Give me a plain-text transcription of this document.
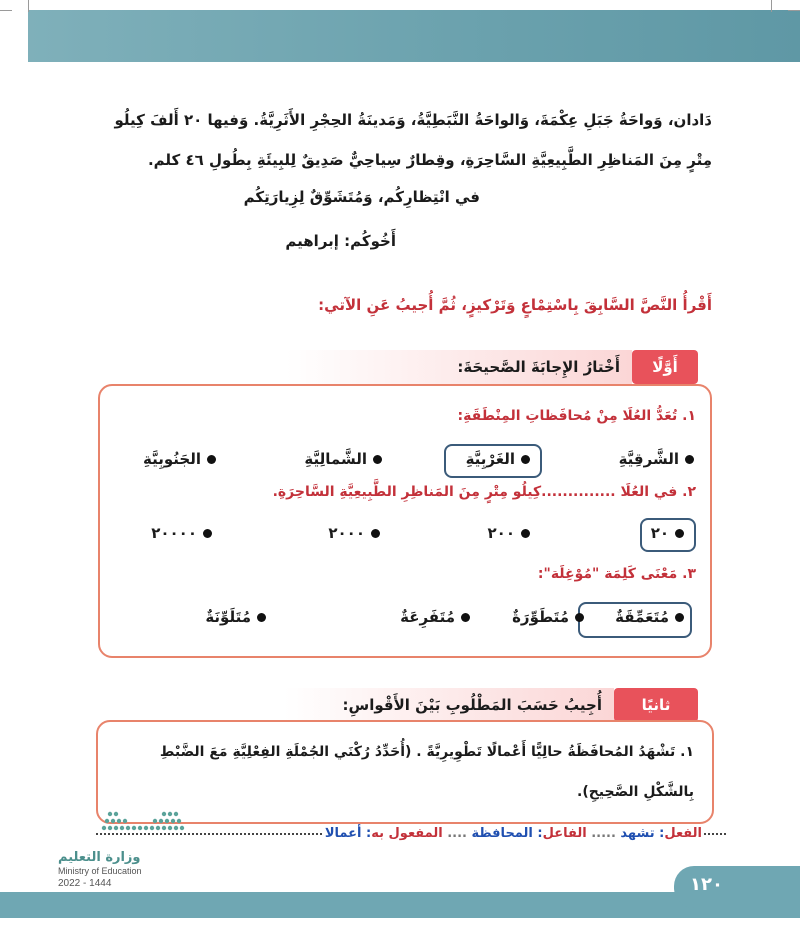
دَادان، وَواحَةُ جَبَلِ عِكْمَةَ، وَالواحَةُ النَّبَطِيَّةُ، وَمَدينَةُ الحِجْرِ الأَثَرِيَّةُ. وَفيها ٢٠ أَلفَ كِيلُو
مِتْرٍ مِنَ المَناظِرِ الطَّبِيعِيَّةِ السَّاحِرَةِ، وقِطارٌ سِياحِيٌّ صَدِيقٌ لِلبِيئَةِ بِطُولِ ٤٦ كلم.
في انْتِظارِكُم، وَمُتَشَوِّقٌ لِزِيارَتِكُم
أَخُوكُم: إبراهيم
أَقْرأُ النَّصَّ السَّابِقَ بِاسْتِمْاعٍ وَتَرْكيزٍ، ثُمَّ أُجيبُ عَنِ الآتي:
أَوَّلًا
أَخْتارُ الإِجابَةَ الصَّحيحَةَ:
١. تُعَدُّ العُلَا مِنْ مُحافَظاتِ المِنْطَقَةِ:
الشَّرقِيَّةِ
الغَرْبِيَّةِ
الشَّمالِيَّةِ
الجَنُوبِيَّةِ
٢. في العُلَا ..............كِيلُو مِتْرٍ مِنَ المَناظِرِ الطَّبِيعِيَّةِ السَّاحِرَةِ.
٢٠
٢٠٠
٢٠٠٠
٢٠٠٠٠
٣. مَعْنَى كَلِمَة "مُوْغِلَة":
مُتَعَمِّقَةٌ
مُتَطَوِّرَةٌ
مُتَفَرِعَةٌ
مُتَلَوِّنَةٌ
ثانيًا
أُجِيبُ حَسَبَ المَطْلُوبِ بَيْنَ الأَقْواسِ:
١. تَشْهَدُ المُحافَظَةُ حالِيًّا أَعْمالًا تَطْوِيرِيَّةً . (أُحَدِّدُ رُكْنَي الجُمْلَةِ الفِعْلِيَّةِ مَعَ الضَّبْطِ
بِالشَّكْلِ الصَّحِيحِ).
الفعل: تشهد ..... الفاعل: المحافظة .... المفعول به: أعمالا
وزارة التعليم
Ministry of Education
2022 - 1444	١٢٠
